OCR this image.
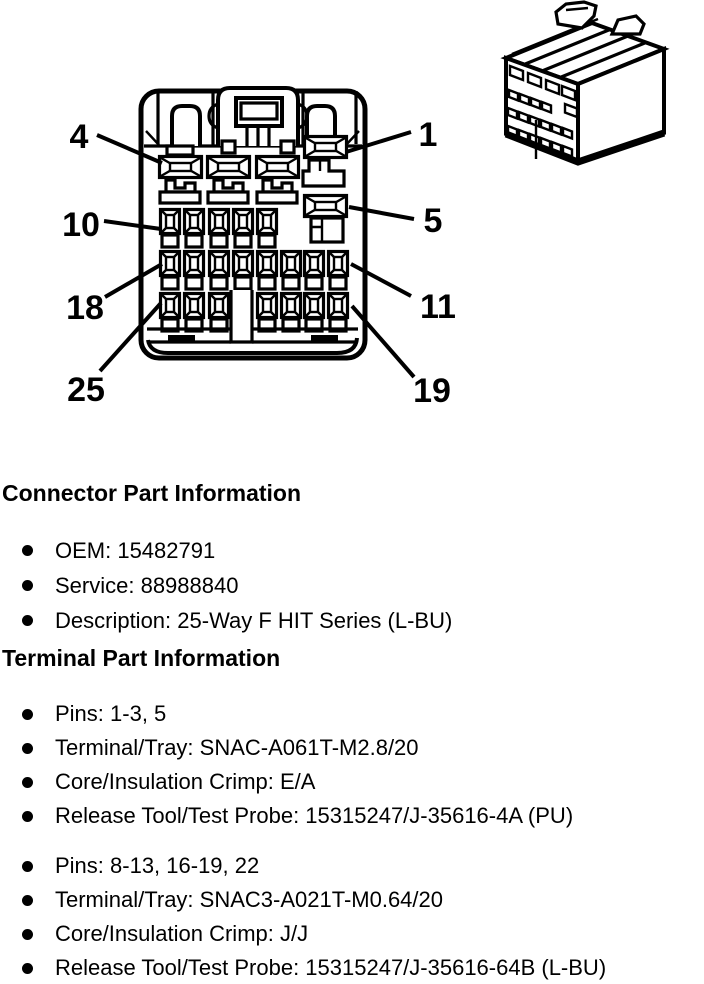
4	1
10	5
18	11
25	19
Connector Part Information
OEM: 15482791
Service: 88988840
Description: 25-Way F HIT Series (L-BU)
Terminal Part Information
Pins: 1-3, 5
Terminal/Tray: SNAC-A061T-M2.8/20
Core/Insulation Crimp: E/A
Release Tool/Test Probe: 15315247/J-35616-4A (PU)
Pins: 8-13, 16-19, 22
Terminal/Tray: SNAC3-A021T-M0.64/20
Core/Insulation Crimp: J/J
Release Tool/Test Probe: 15315247/J-35616-64B (L-BU)
